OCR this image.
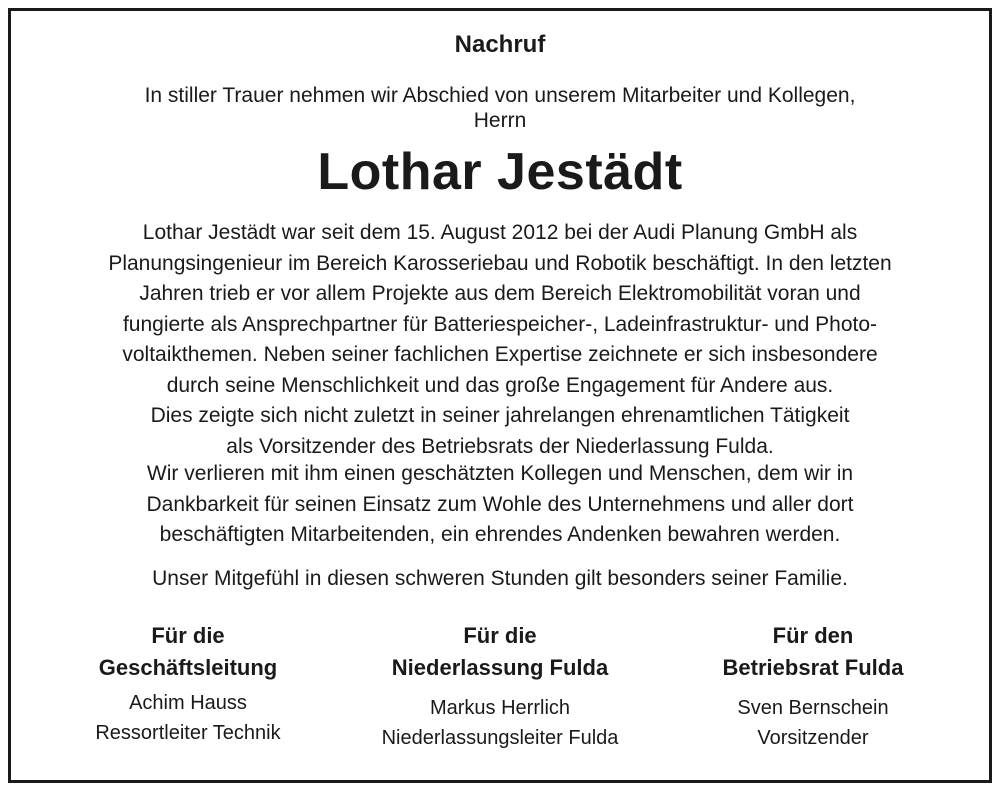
Nachruf
In stiller Trauer nehmen wir Abschied von unserem Mitarbeiter und Kollegen,
Herrn
Lothar Jestädt
Lothar Jestädt war seit dem 15. August 2012 bei der Audi Planung GmbH als
Planungsingenieur im Bereich Karosseriebau und Robotik beschäftigt. In den letzten
Jahren trieb er vor allem Projekte aus dem Bereich Elektromobilität voran und
fungierte als Ansprechpartner für Batteriespeicher-, Ladeinfrastruktur- und Photo-
voltaikthemen. Neben seiner fachlichen Expertise zeichnete er sich insbesondere
durch seine Menschlichkeit und das große Engagement für Andere aus.
Dies zeigte sich nicht zuletzt in seiner jahrelangen ehrenamtlichen Tätigkeit
als Vorsitzender des Betriebsrats der Niederlassung Fulda.
Wir verlieren mit ihm einen geschätzten Kollegen und Menschen, dem wir in
Dankbarkeit für seinen Einsatz zum Wohle des Unternehmens und aller dort
beschäftigten Mitarbeitenden, ein ehrendes Andenken bewahren werden.
Unser Mitgefühl in diesen schweren Stunden gilt besonders seiner Familie.
Für die
Geschäftsleitung
Achim Hauss
Ressortleiter Technik
Für die
Niederlassung Fulda
Markus Herrlich
Niederlassungsleiter Fulda
Für den
Betriebsrat Fulda
Sven Bernschein
Vorsitzender
